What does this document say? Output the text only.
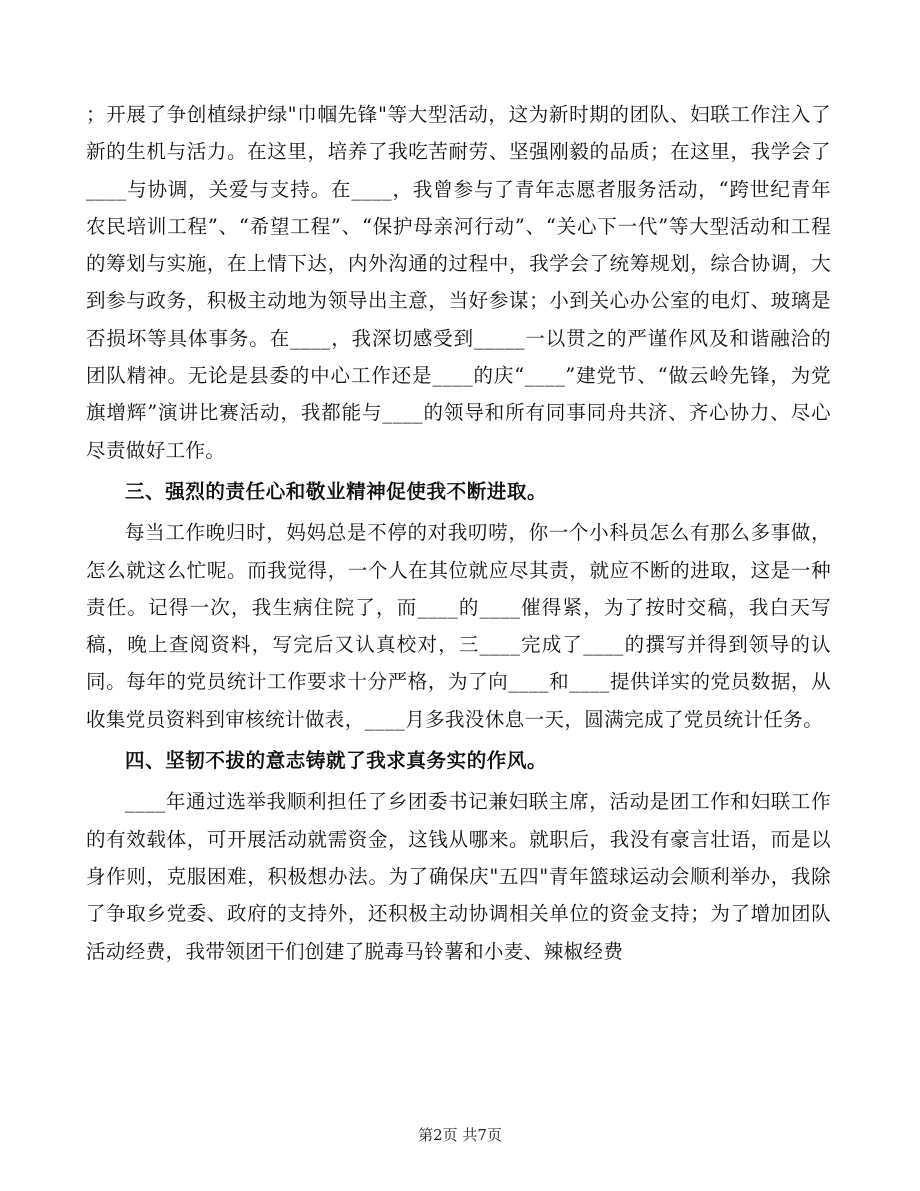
；开展了争创植绿护绿"巾帼先锋"等大型活动，这为新时期的团队、妇联工作注入了新的生机与活力。在这里，培养了我吃苦耐劳、坚强刚毅的品质；在这里，我学会了____与协调，关爱与支持。在____，我曾参与了青年志愿者服务活动，“跨世纪青年农民培训工程”、“希望工程”、“保护母亲河行动”、“关心下一代”等大型活动和工程的筹划与实施，在上情下达，内外沟通的过程中，我学会了统筹规划，综合协调，大到参与政务，积极主动地为领导出主意，当好参谋；小到关心办公室的电灯、玻璃是否损坏等具体事务。在____，我深切感受到_____一以贯之的严谨作风及和谐融洽的团队精神。无论是县委的中心工作还是____的庆“____”建党节、“做云岭先锋，为党旗增辉”演讲比赛活动，我都能与____的领导和所有同事同舟共济、齐心协力、尽心尽责做好工作。

三、强烈的责任心和敬业精神促使我不断进取。

每当工作晚归时，妈妈总是不停的对我叨唠，你一个小科员怎么有那么多事做，怎么就这么忙呢。而我觉得，一个人在其位就应尽其责，就应不断的进取，这是一种责任。记得一次，我生病住院了，而____的____催得紧，为了按时交稿，我白天写稿，晚上查阅资料，写完后又认真校对，三____完成了____的撰写并得到领导的认同。每年的党员统计工作要求十分严格，为了向____和____提供详实的党员数据，从收集党员资料到审核统计做表，____月多我没休息一天，圆满完成了党员统计任务。

四、坚韧不拔的意志铸就了我求真务实的作风。

____年通过选举我顺利担任了乡团委书记兼妇联主席，活动是团工作和妇联工作的有效载体，可开展活动就需资金，这钱从哪来。就职后，我没有豪言壮语，而是以身作则，克服困难，积极想办法。为了确保庆"五四"青年篮球运动会顺利举办，我除了争取乡党委、政府的支持外，还积极主动协调相关单位的资金支持；为了增加团队活动经费，我带领团干们创建了脱毒马铃薯和小麦、辣椒经费

第2页 共7页
